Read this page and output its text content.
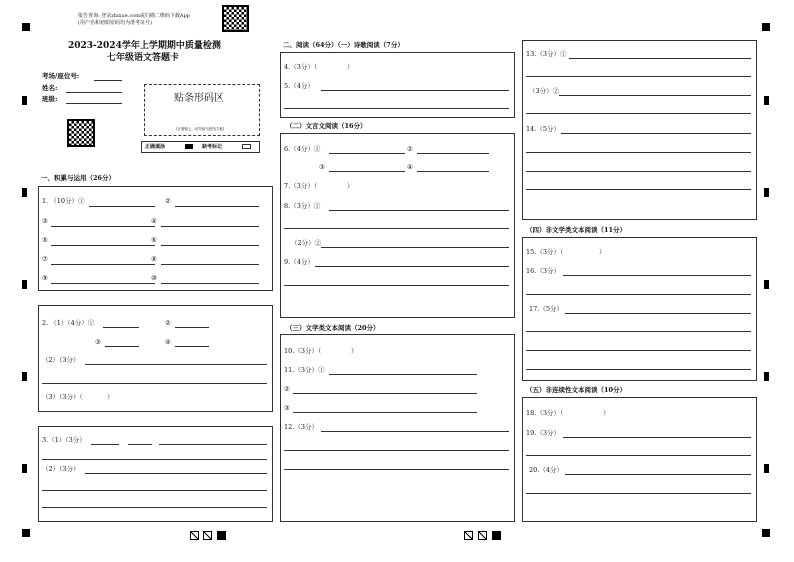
报告查询: 登录zhixue.com或扫描二维码下载App
(用户名和初始密码均为准考证号)
2023-2024学年上学期期中质量检测
七年级语文答题卡
考场/座位号:
姓名:
班级:	贴条形码区
(正面朝上，切勿贴出虚线方框)
正确填涂	缺考标记
一、积累与运用（26分）
1. （10分）①	②
③	④
⑤	⑥
⑦	⑧
⑨	⑩
2. （1）（4分）①	②
③	④
（2）（3分）
（3）（3分）（	）
3.（1）（3分）
（2）（3分）
二、阅读（64分）（一）诗歌阅读（7分）
4.（3分）（	）
5.（4分）
（二）文言文阅读（16分）
6.（4分）①	②
③	④
7.（3分）（	）
8.（3分）①
（2分）②
9.（4分）
（三）文学类文本阅读（20分）
10.（3分）（	）
11.（3分）①
②
③
12.（3分）
13.（3分）①
（3分）②
14.（5分）
（四）非文学类文本阅读（11分）
15.（3分）（	）
16.（3分）
17.（5分）
（五）非连续性文本阅读（10分）
18.（3分）（	）
19.（3分）
20.（4分）
